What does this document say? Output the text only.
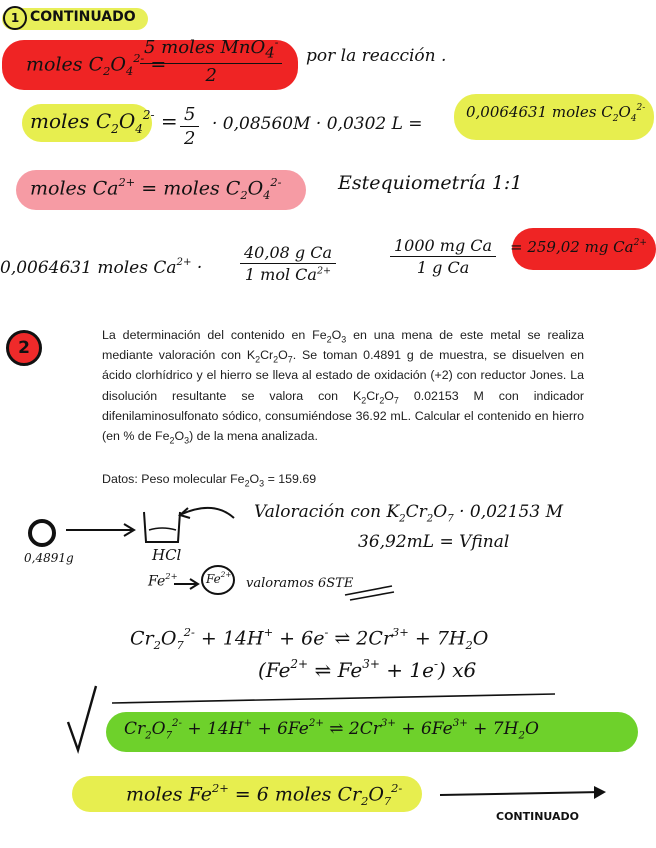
1 CONTINUADO
moles $C_2O_4^{2-}$ =
5 moles MnO$_4$-
2
por la reacción .
moles $C_2O_4^{2-} = \frac{5}{2} \cdot 0,08560M \cdot 0,0302$ L =
0,0064631 moles $C_2O_4^{2-}$
moles $Ca^{2+}$ = moles $C_2O_4^{2-}$	Estequiometría 1:1
0,0064631 moles $Ca^{2+}$ ·
40,08 g Ca
1 mol $Ca^{2+}$	$\frac{\text{1000 mg Ca}}{\text{1 g Ca}} = 259,02$ mg $Ca^{2+}$
2
La determinación del contenido en $Fe_2O_3$ en una mena de este metal se realiza mediante valoración con $K_2Cr_2O_7$. Se toman 0.4891 g de muestra, se disuelven en ácido clorhídrico y el hierro se lleva al estado de oxidación (+2) con reductor Jones. La disolución resultante se valora con $K_2Cr_2O_7$ 0.02153 M con indicador difenilaminosulfonato sódico, consumiéndose 36.92 mL. Calcular el contenido en hierro (en % de $Fe_2O_3$) de la mena analizada.
Datos: Peso molecular $Fe_2O_3 = 159.69$
0,4891g	HCl
$Fe^{2+}$ $Fe^{2+}$
valoramos 6STE
Valoración con $K_2Cr_2O_7 \cdot 0,02153$ M
36,92mL = Vfinal
$Cr_2O_7^{2-} + 14H^+ + 6e^-$ ⇌ $2Cr^{3+} + 7H_2O$
($Fe^{2+}$ ⇌ $Fe^{3+} + 1e^-$) x6
$Cr_2O_7^{2-} + 14H^+ + 6Fe^{2+}$ ⇌ $2Cr^{3+} + 6Fe^{3+} + 7H_2O$
moles $Fe^{2+} = 6$ moles $Cr_2O_7^{2-}$
CONTINUADO
